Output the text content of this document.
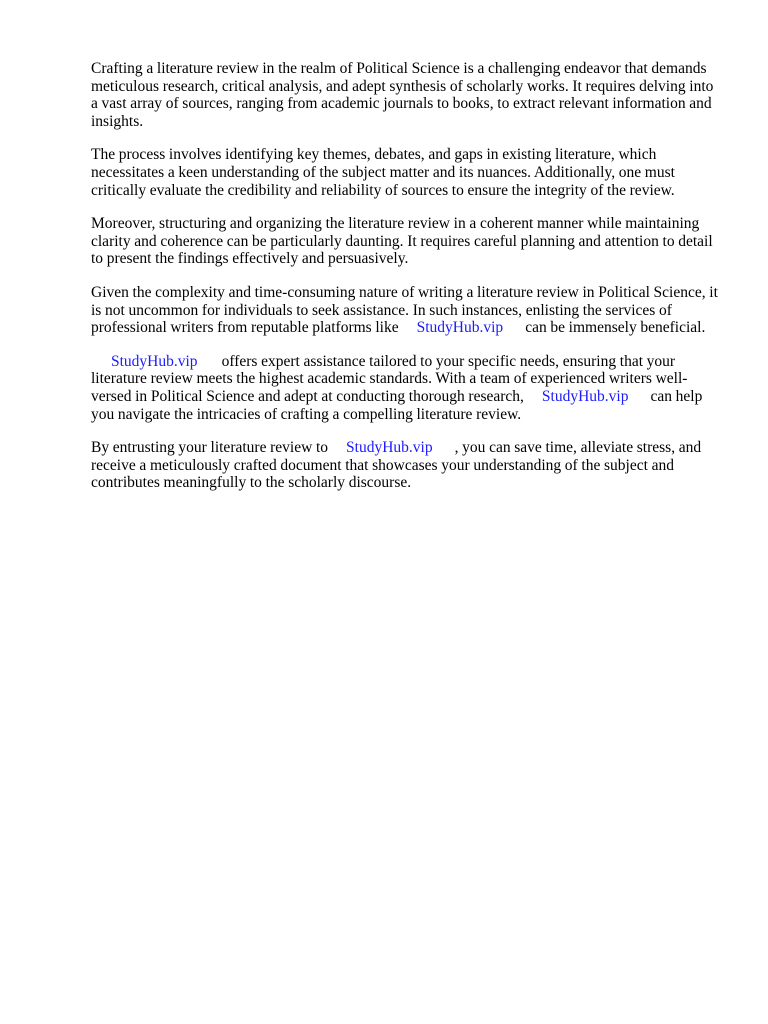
Crafting a literature review in the realm of Political Science is a challenging endeavor that demands meticulous research, critical analysis, and adept synthesis of scholarly works. It requires delving into a vast array of sources, ranging from academic journals to books, to extract relevant information and insights.

The process involves identifying key themes, debates, and gaps in existing literature, which necessitates a keen understanding of the subject matter and its nuances. Additionally, one must critically evaluate the credibility and reliability of sources to ensure the integrity of the review.

Moreover, structuring and organizing the literature review in a coherent manner while maintaining clarity and coherence can be particularly daunting. It requires careful planning and attention to detail to present the findings effectively and persuasively.

Given the complexity and time-consuming nature of writing a literature review in Political Science, it is not uncommon for individuals to seek assistance. In such instances, enlisting the services of professional writers from reputable platforms like StudyHub.vip can be immensely beneficial.

StudyHub.vip offers expert assistance tailored to your specific needs, ensuring that your literature review meets the highest academic standards. With a team of experienced writers well-versed in Political Science and adept at conducting thorough research, StudyHub.vip can help you navigate the intricacies of crafting a compelling literature review.

By entrusting your literature review to StudyHub.vip , you can save time, alleviate stress, and receive a meticulously crafted document that showcases your understanding of the subject and contributes meaningfully to the scholarly discourse.
